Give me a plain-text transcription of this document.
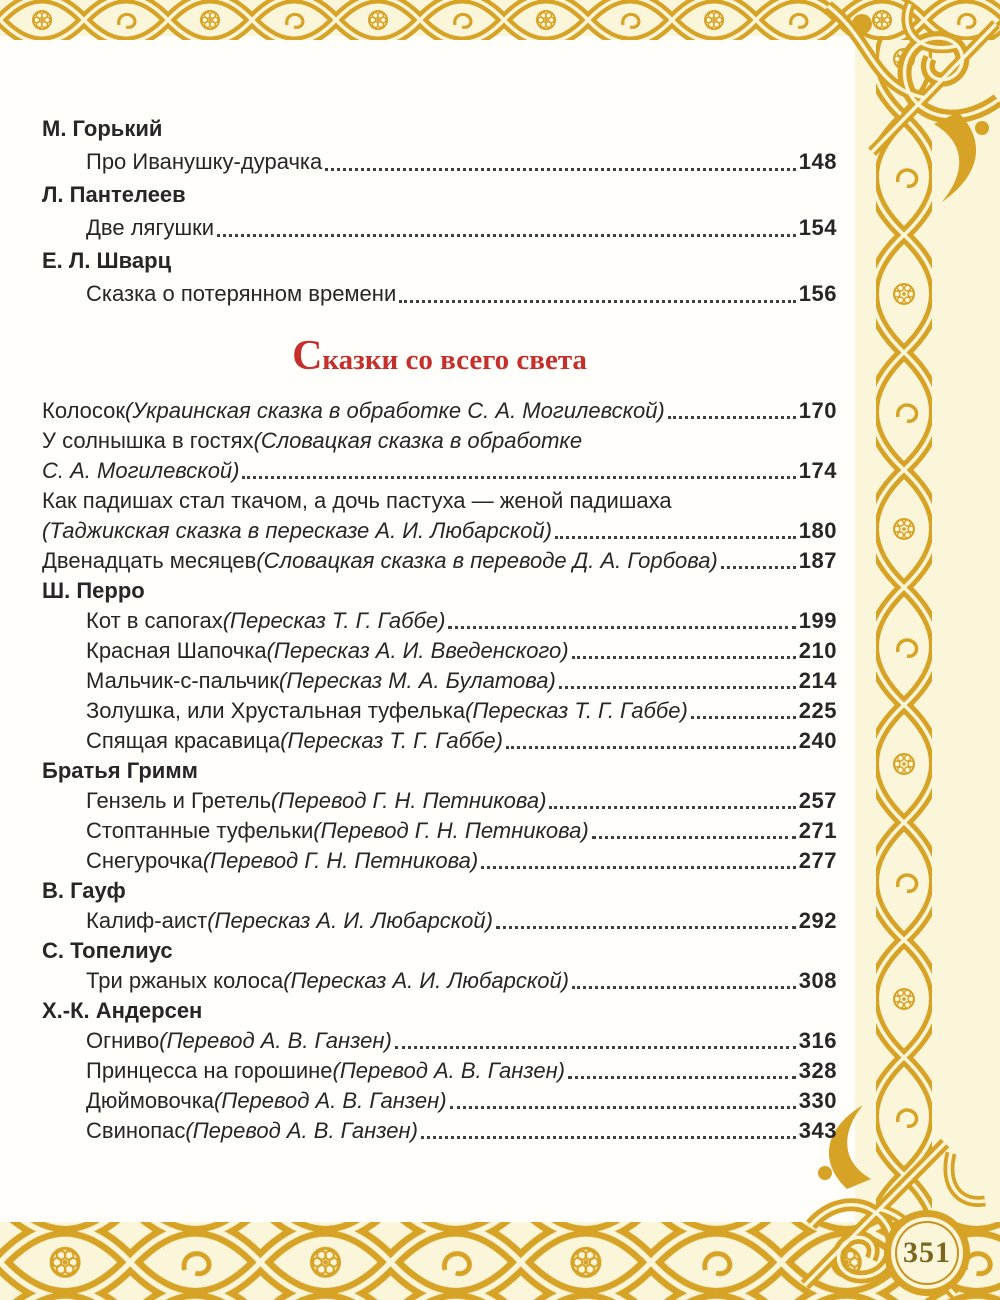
351
М. Горький
Про Иванушку-дурачка	148
Л. Пантелеев
Две лягушки	154
Е. Л. Шварц
Сказка о потерянном времени	156
Сказки со всего света
Колосок (Украинская сказка в обработке С. А. Могилевской)	170
У солнышка в гостях (Словацкая сказка в обработке
С. А. Могилевской)	174
Как падишах стал ткачом, а дочь пастуха — женой падишаха
(Таджикская сказка в пересказе А. И. Любарской)	180
Двенадцать месяцев (Словацкая сказка в переводе Д. А. Горбова)	187
Ш. Перро
Кот в сапогах (Пересказ Т. Г. Габбе)	199
Красная Шапочка (Пересказ А. И. Введенского)	210
Мальчик-с-пальчик (Пересказ М. А. Булатова)	214
Золушка, или Хрустальная туфелька (Пересказ Т. Г. Габбе)	225
Спящая красавица (Пересказ Т. Г. Габбе)	240
Братья Гримм
Гензель и Гретель (Перевод Г. Н. Петникова)	257
Стоптанные туфельки (Перевод Г. Н. Петникова)	271
Снегурочка (Перевод Г. Н. Петникова)	277
В. Гауф
Калиф-аист (Пересказ А. И. Любарской)	292
С. Топелиус
Три ржаных колоса (Пересказ А. И. Любарской)	308
Х.-К. Андерсен
Огниво (Перевод А. В. Ганзен)	316
Принцесса на горошине (Перевод А. В. Ганзен)	328
Дюймовочка (Перевод А. В. Ганзен)	330
Свинопас (Перевод А. В. Ганзен)	343
